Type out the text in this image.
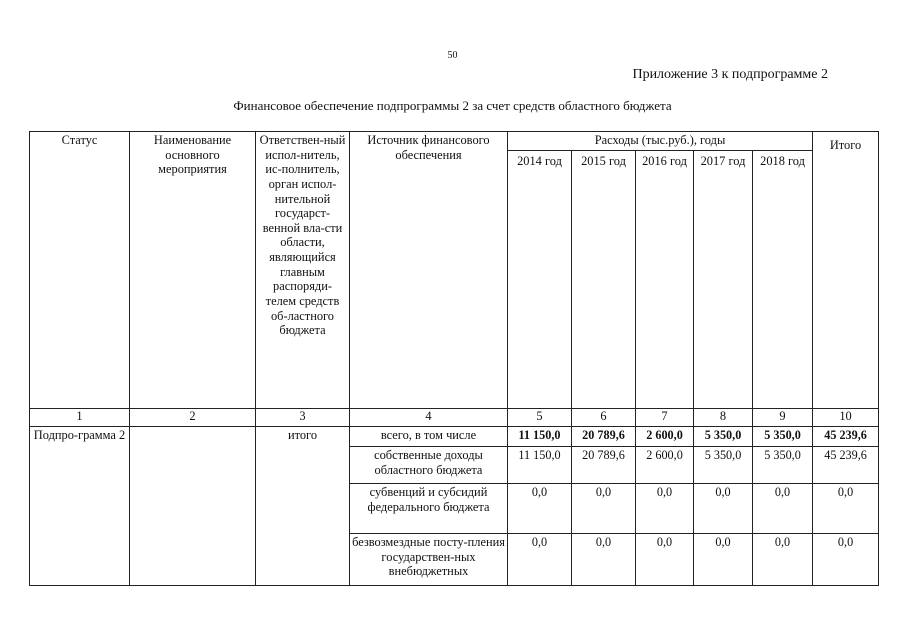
50
Приложение 3 к подпрограмме 2
Финансовое обеспечение подпрограммы 2 за счет средств областного бюджета
Статус	Наименование основного мероприятия	Ответствен-ный испол-нитель, ис-полнитель, орган испол-нительной государст-венной вла-сти области, являющийся главным распоряди-телем средств об-ластного бюджета	Источник финансового обеспечения	Расходы (тыс.руб.), годы					Итого
				2014 год	2015 год	2016 год	2017 год	2018 год	
1	2	3	4	5	6	7	8	9	10
Подпро-грамма 2		итого	всего, в том числе	11 150,0	20 789,6	2 600,0	5 350,0	5 350,0	45 239,6
			собственные доходы областного бюджета	11 150,0	20 789,6	2 600,0	5 350,0	5 350,0	45 239,6
			субвенций и субсидий федерального бюджета	0,0	0,0	0,0	0,0	0,0	0,0
			безвозмездные посту-пления государствен-ных внебюджетных	0,0	0,0	0,0	0,0	0,0	0,0
